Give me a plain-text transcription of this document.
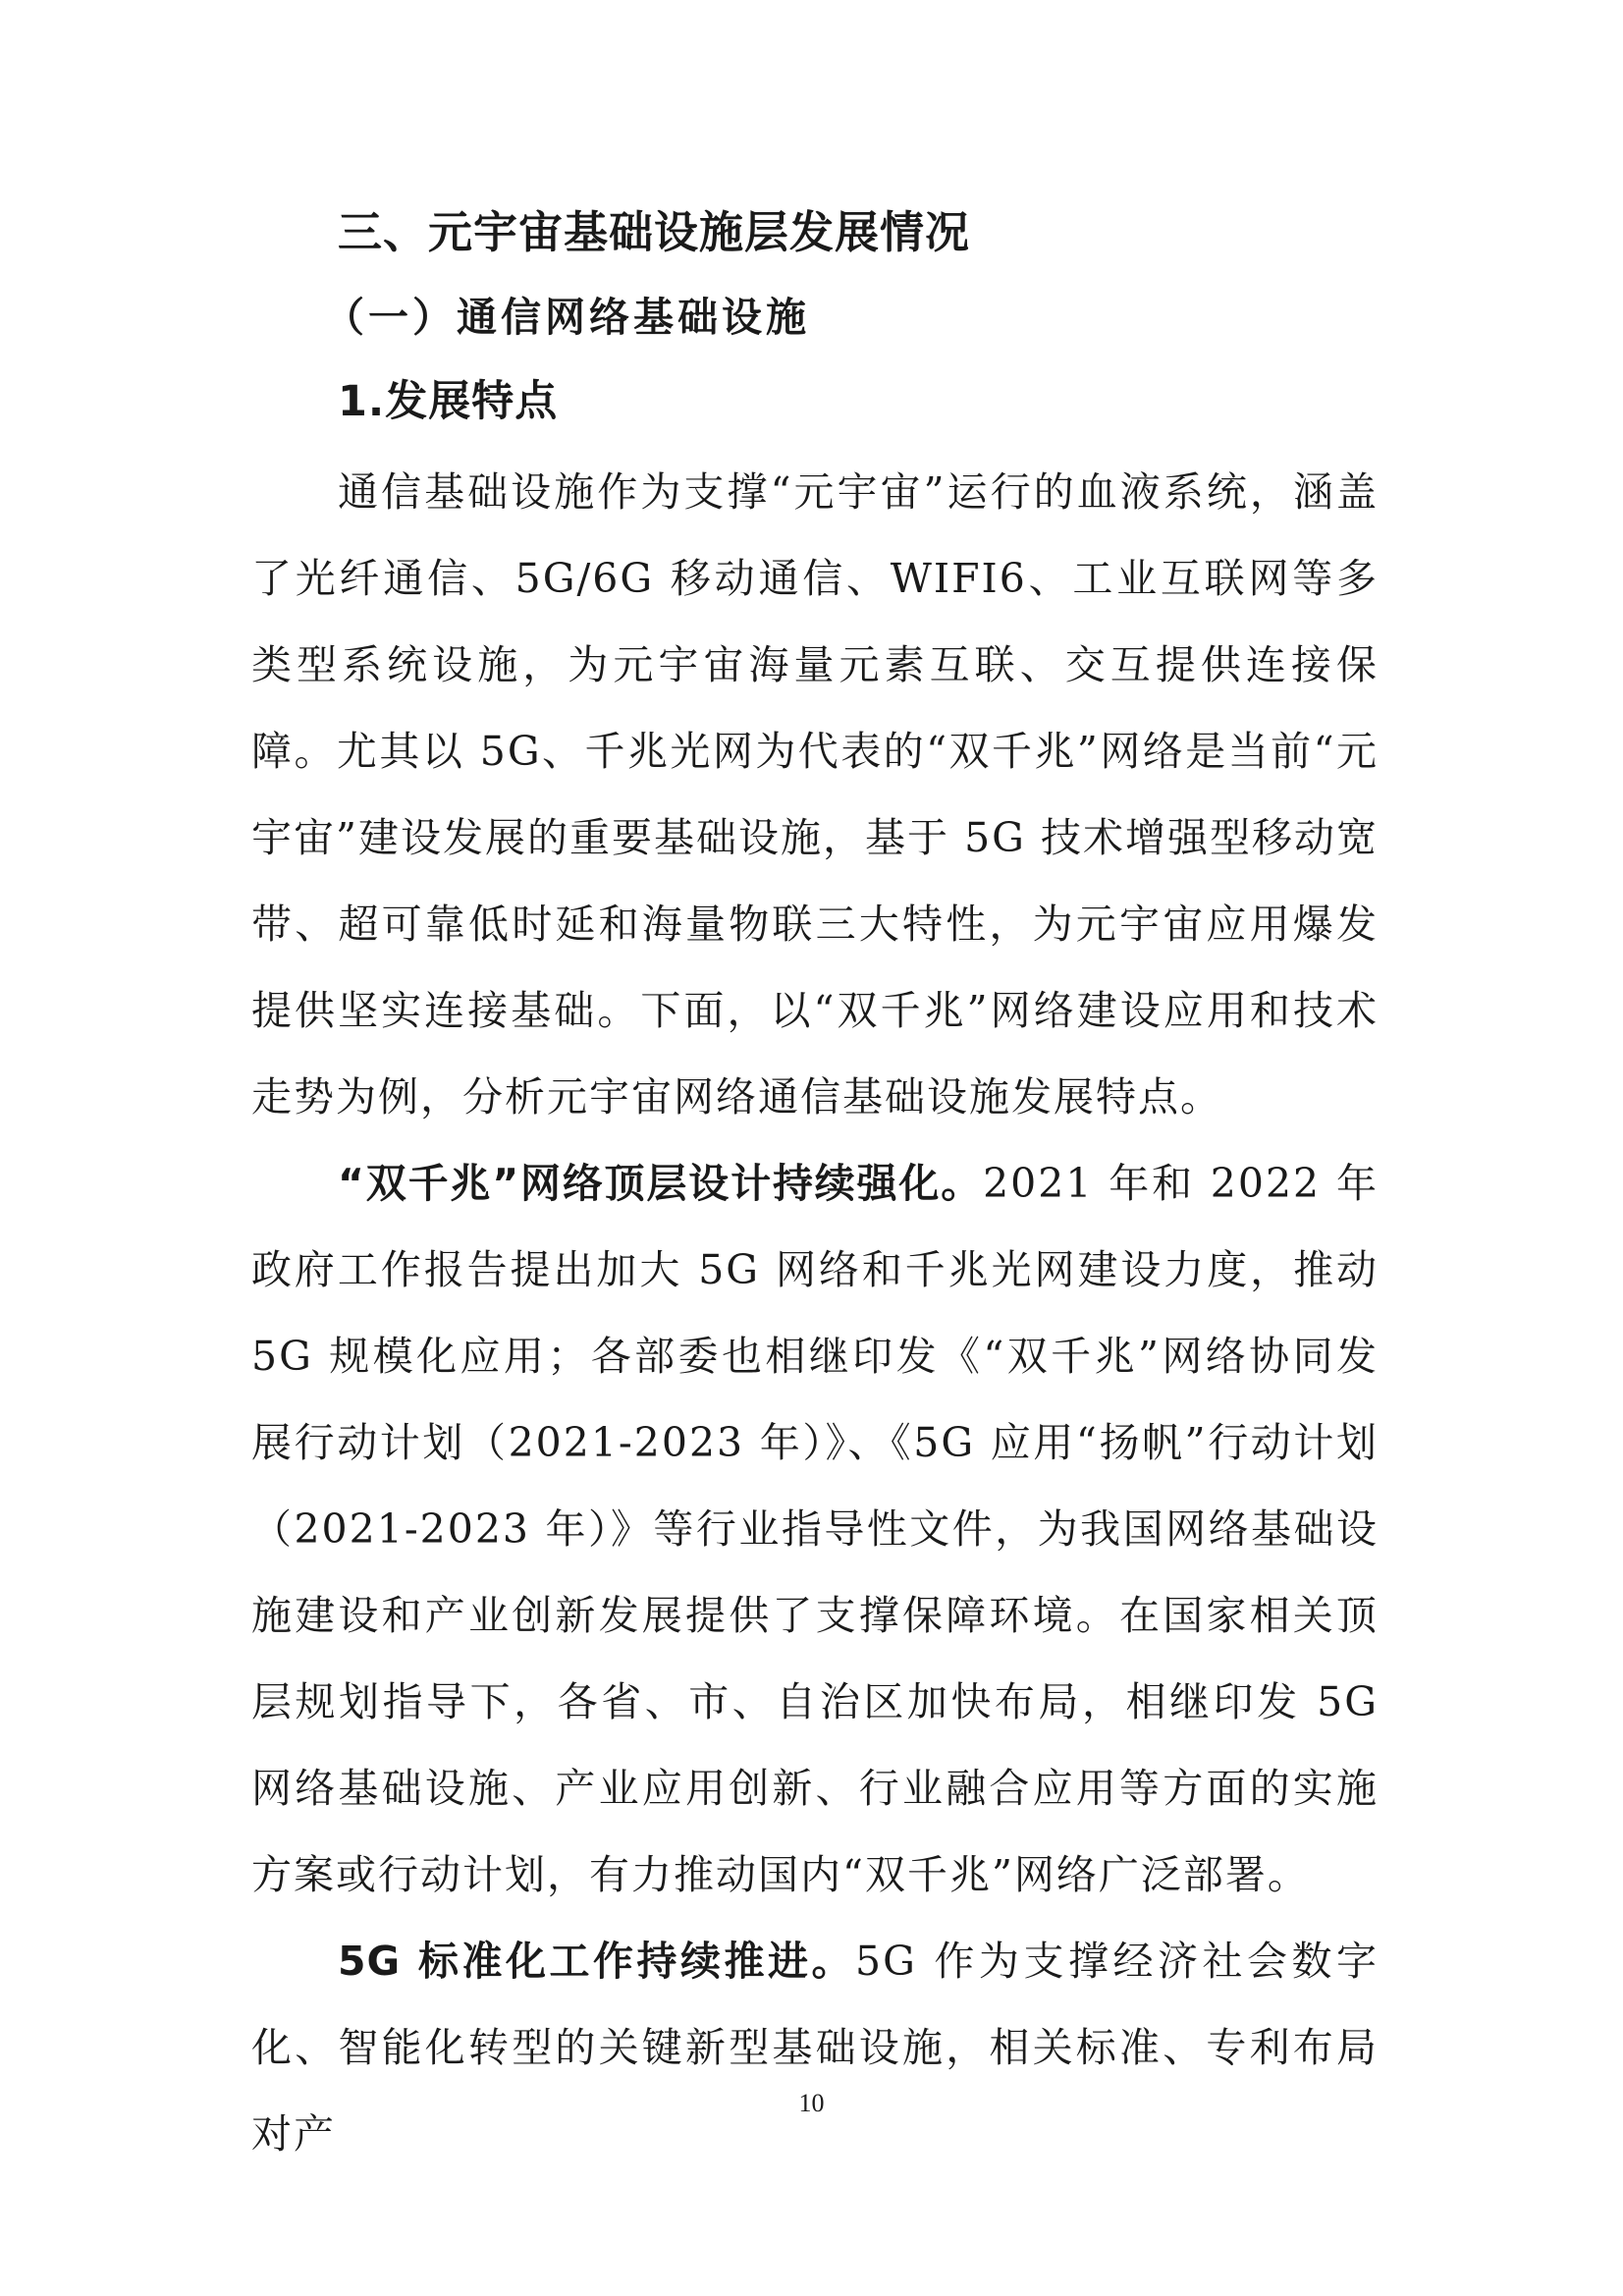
三、元宇宙基础设施层发展情况
（一）通信网络基础设施
1.发展特点

通信基础设施作为支撑“元宇宙”运行的血液系统，涵盖了光纤通信、5G/6G 移动通信、WIFI6、工业互联网等多类型系统设施，为元宇宙海量元素互联、交互提供连接保障。尤其以 5G、千兆光网为代表的“双千兆”网络是当前“元宇宙”建设发展的重要基础设施，基于 5G 技术增强型移动宽带、超可靠低时延和海量物联三大特性，为元宇宙应用爆发提供坚实连接基础。下面，以“双千兆”网络建设应用和技术走势为例，分析元宇宙网络通信基础设施发展特点。

“双千兆”网络顶层设计持续强化。2021 年和 2022 年政府工作报告提出加大 5G 网络和千兆光网建设力度，推动 5G 规模化应用；各部委也相继印发《“双千兆”网络协同发展行动计划（2021-2023 年）》、《5G 应用“扬帆”行动计划（2021-2023 年）》等行业指导性文件，为我国网络基础设施建设和产业创新发展提供了支撑保障环境。在国家相关顶层规划指导下，各省、市、自治区加快布局，相继印发 5G 网络基础设施、产业应用创新、行业融合应用等方面的实施方案或行动计划，有力推动国内“双千兆”网络广泛部署。

5G 标准化工作持续推进。5G 作为支撑经济社会数字化、智能化转型的关键新型基础设施，相关标准、专利布局对产

10
